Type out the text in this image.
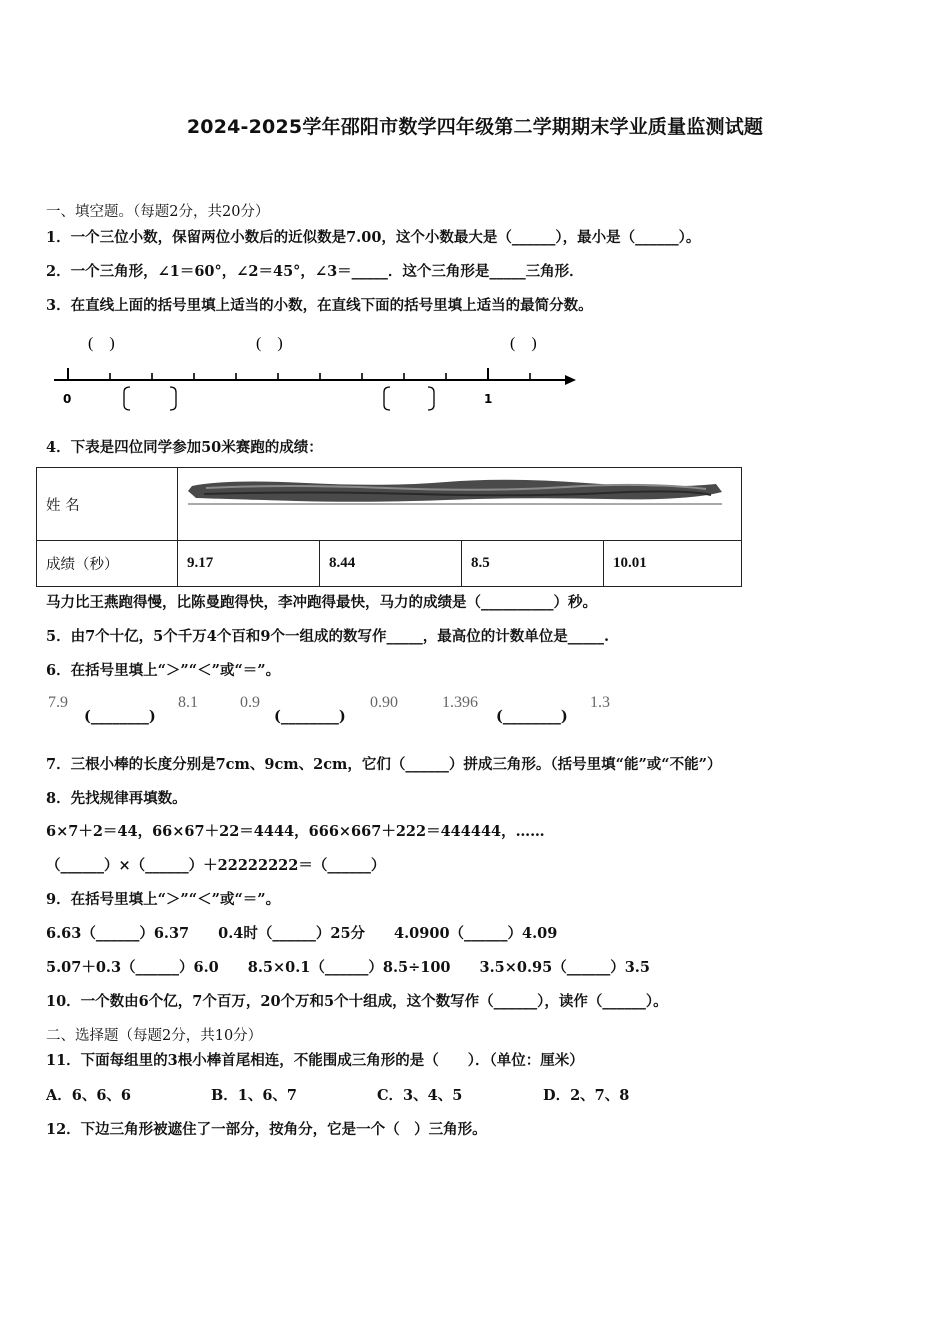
2024-2025学年邵阳市数学四年级第二学期期末学业质量监测试题
一、填空题。（每题2分，共20分）
1．一个三位小数，保留两位小数后的近似数是7.00，这个小数最大是（______），最小是（______）。
2．一个三角形，∠1＝60°，∠2＝45°，∠3＝_____．这个三角形是_____三角形．
3．在直线上面的括号里填上适当的小数，在直线下面的括号里填上适当的最简分数。
(　)	(　)	(　)
0	1
4．下表是四位同学参加50米赛跑的成绩：
姓 名				
成绩（秒）	9.17	8.44	8.5	10.01
马力比王燕跑得慢，比陈曼跑得快，李冲跑得最快，马力的成绩是（__________）秒。
5．由7个十亿，5个千万4个百和9个一组成的数写作_____，最高位的计数单位是_____.
6．在括号里填上“＞”“＜”或“＝”。
7.9
(________)
8.1	0.9
(________)
0.90	1.396
(________)
1.3
7．三根小棒的长度分别是7cm、9cm、2cm，它们（______）拼成三角形。（括号里填“能”或“不能”）
8．先找规律再填数。
6×7＋2＝44，66×67＋22＝4444，666×667＋222＝444444，……
（______）×（______）＋22222222＝（______）
9．在括号里填上“＞”“＜”或“＝”。
6.63（______）6.37　　0.4时（______）25分　　4.0900（______）4.09
5.07＋0.3（______）6.0　　8.5×0.1（______）8.5÷100　　3.5×0.95（______）3.5
10．一个数由6个亿，7个百万，20个万和5个十组成，这个数写作（______），读作（______）。
二、选择题（每题2分，共10分）
11．下面每组里的3根小棒首尾相连，不能围成三角形的是（　　）．（单位：厘米）
A．6、6、6	B．1、6、7	C．3、4、5	D．2、7、8
12．下边三角形被遮住了一部分，按角分，它是一个（　）三角形。
